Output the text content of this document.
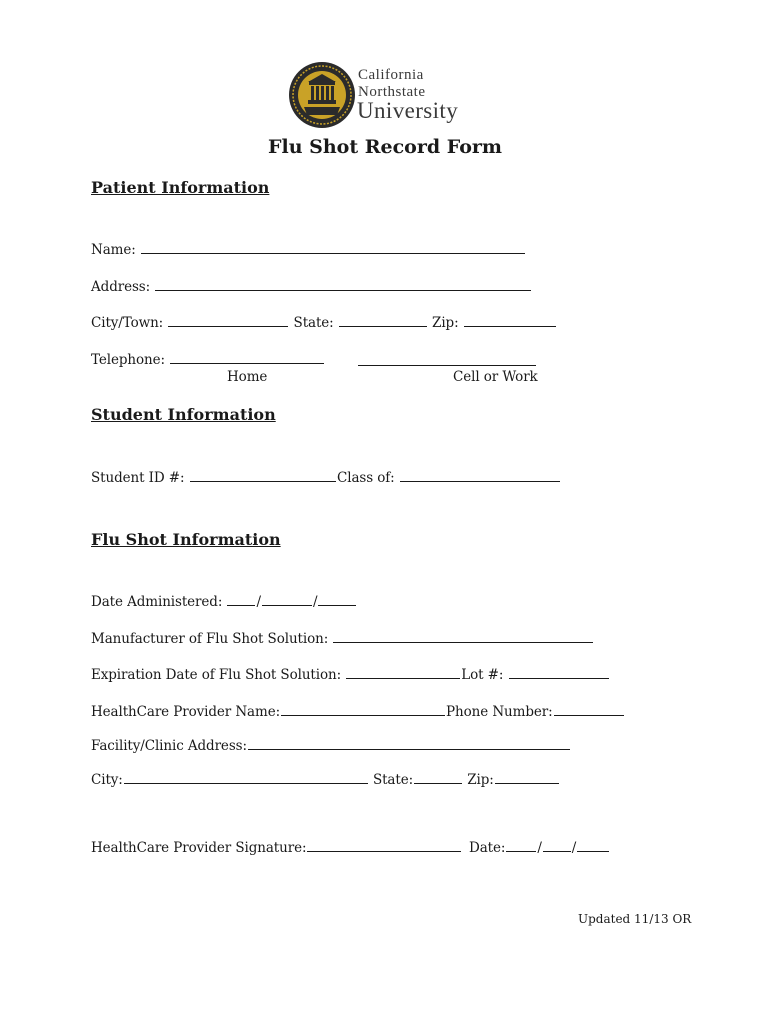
California
Northstate
University
Flu Shot Record Form
Patient Information
Name:
Address:
City/Town:	State:	Zip:
Telephone:
Home	Cell or Work
Student Information
Student ID #:	Class of:
Flu Shot Information
Date Administered:	/	/
Manufacturer of Flu Shot Solution:
Expiration Date of Flu Shot Solution:	Lot #:
HealthCare Provider Name:	Phone Number:
Facility/Clinic Address:
City:	State:	Zip:
HealthCare Provider Signature:	Date: / /
Updated 11/13 OR
